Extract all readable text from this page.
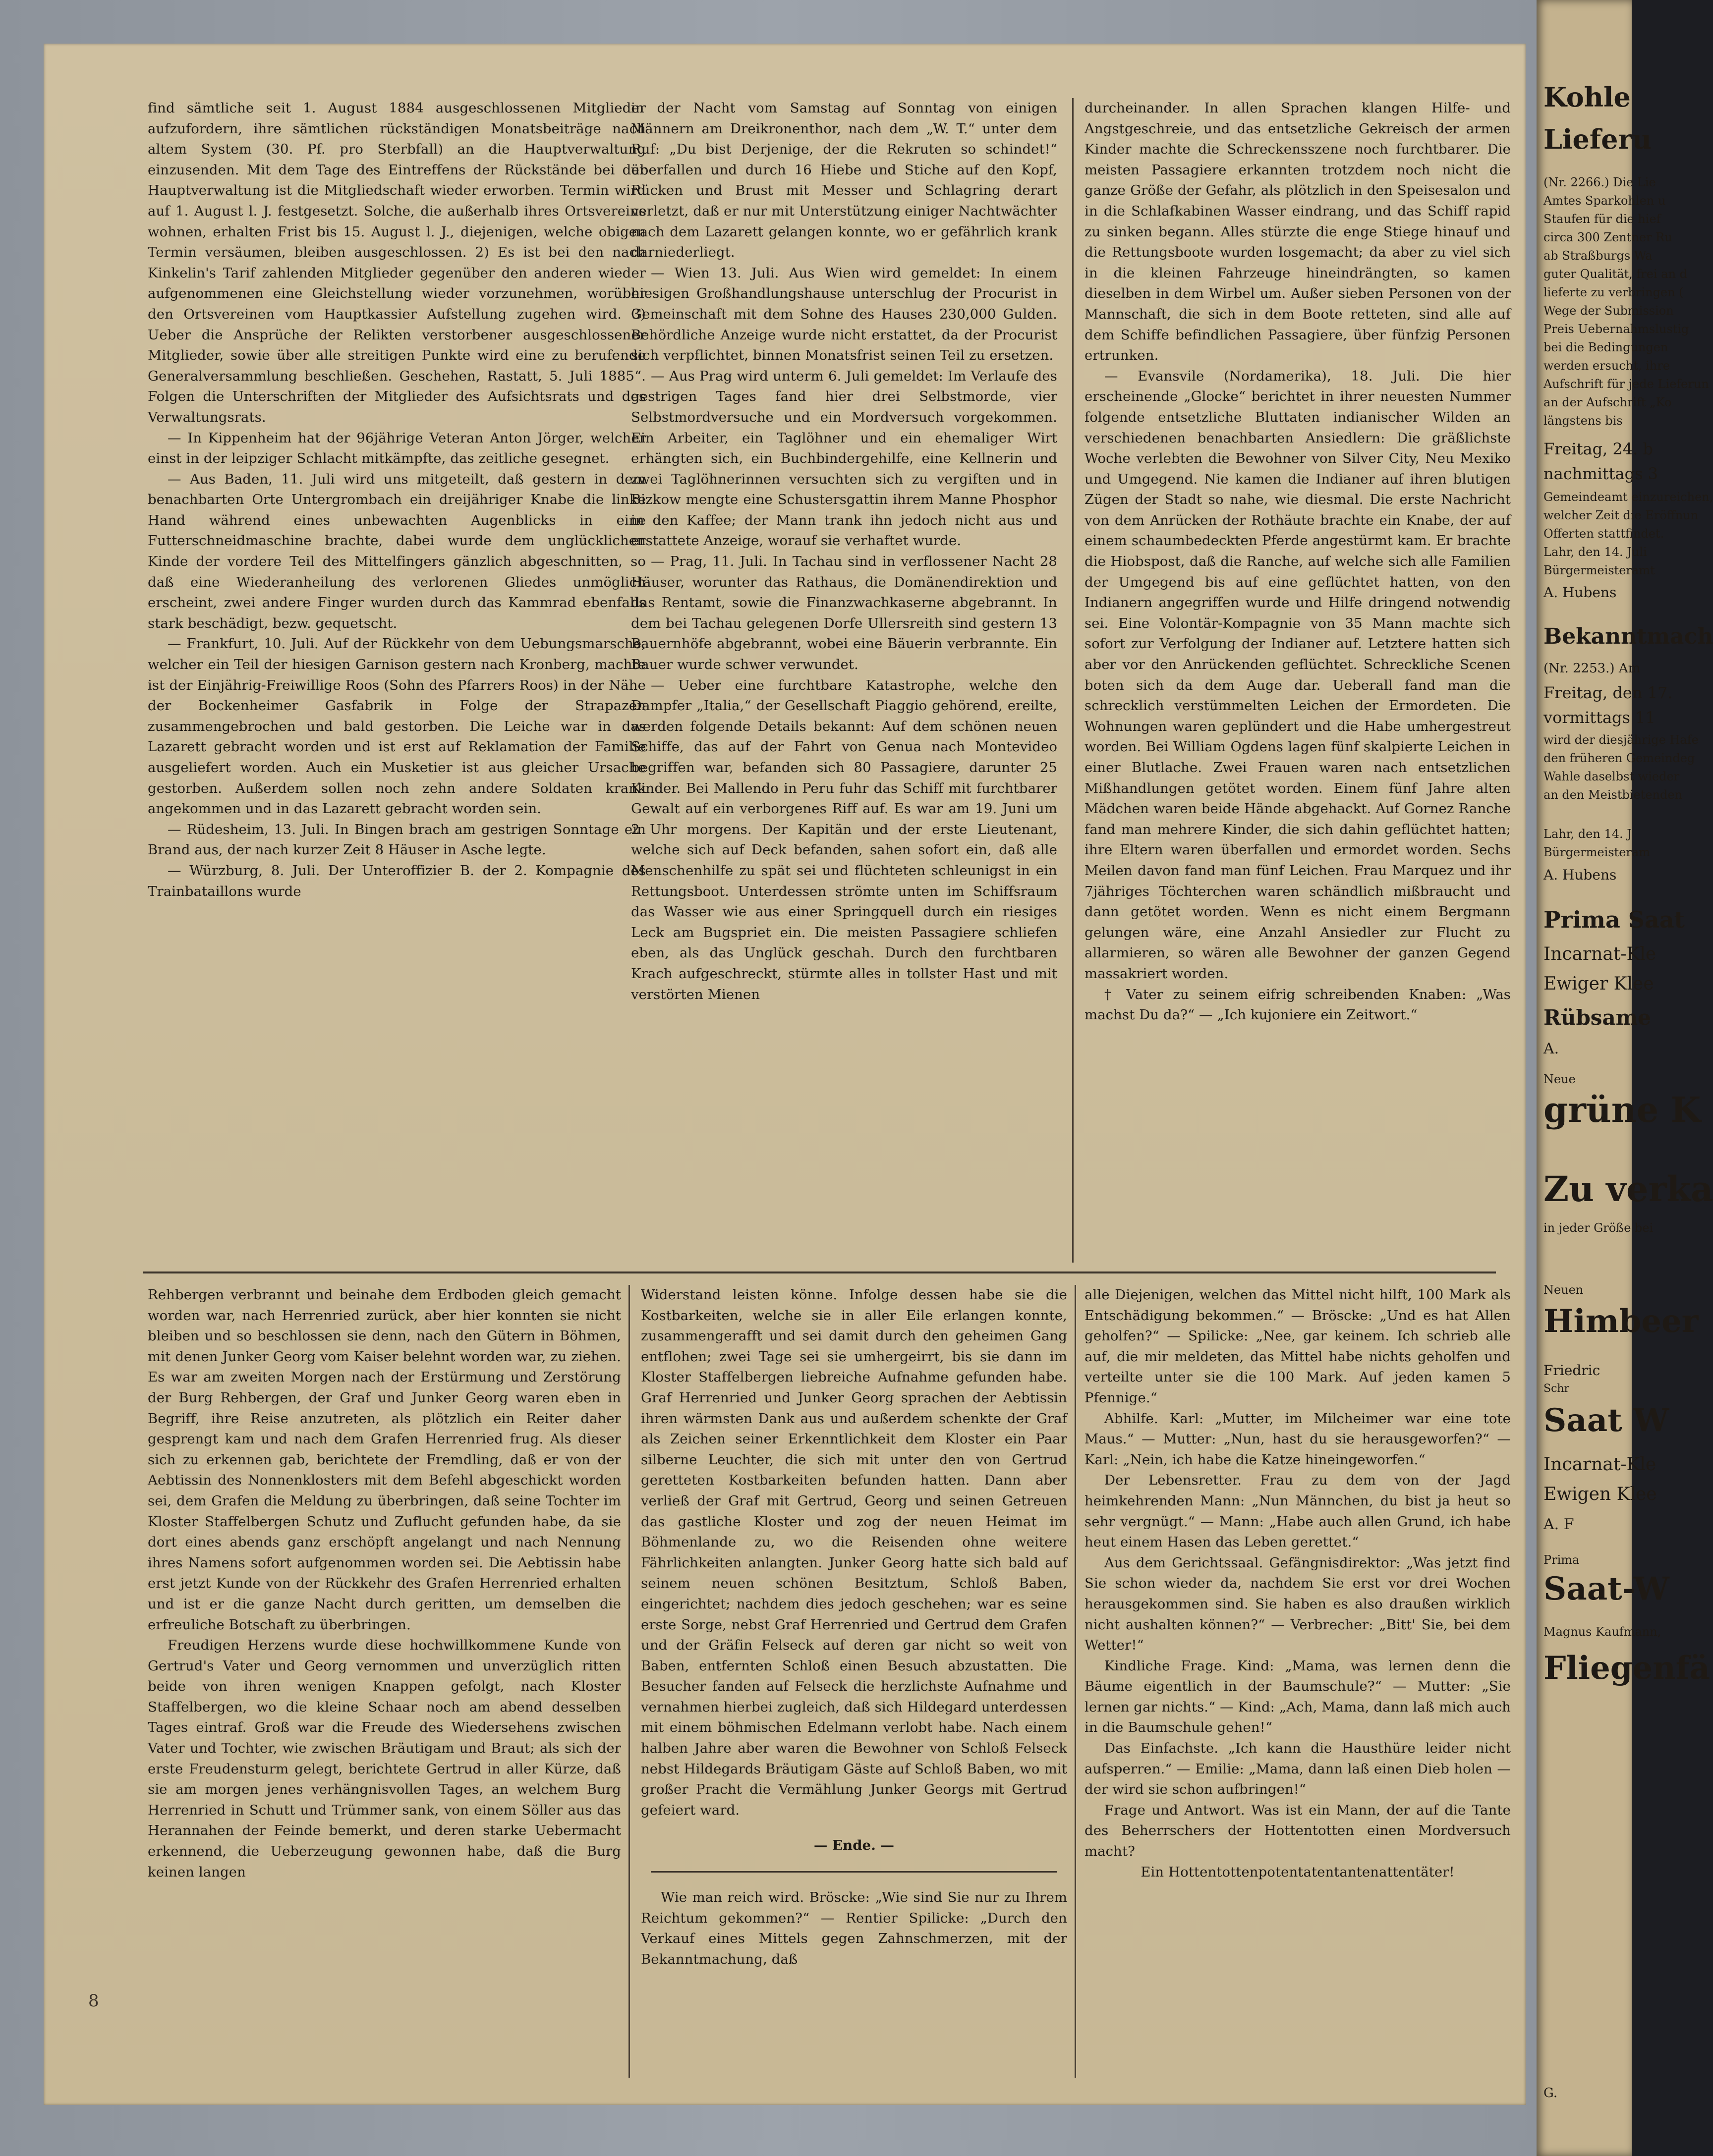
Kohle
Lieferu
(Nr. 2266.) Die Lie
Amtes Sparkohlen u
Staufen für die hief
circa 300 Zentner Ru
ab Straßburgs Wa
guter Qualität, frei an d
lieferte zu verbringen (
Wege der Submission
Preis Uebernahmslustig
bei die Bedingungen
werden ersucht, ihre
Aufschrift für jede Lieferun
an der Aufschrift „Ko
längstens bis
Freitag, 24. b
nachmittags 3
Gemeindeamt einzureichen,
welcher Zeit die Eröffnun
Offerten stattfindet.
Lahr, den 14. Juli
Bürgermeisteramt
A. Hubens
Bekanntmach
(Nr. 2253.) Am
Freitag, den 17.
vormittags 11
wird der diesjährige Hafe
den früheren Gemeindeg
Wahle daselbst wieder
an den Meistbietenden
Lahr, den 14. J
Bürgermeisteram
A. Hubens
Prima Saat
Incarnat-Kle
Ewiger Klee
Rübsame
A.
Neue
grüne K
Zu verka
in jeder Größe bei
Neuen
Himbeer
Friedric
Schr
Saat W
Incarnat-Kle
Ewigen Klee
A. F
Prima
Saat-W
Magnus Kaufmann,
Fliegenfä
G.

find sämtliche seit 1. August 1884 ausgeschlossenen Mitglieder aufzufordern, ihre sämtlichen rückständigen Monatsbeiträge nach altem System (30. Pf. pro Sterbfall) an die Hauptverwaltung einzusenden. Mit dem Tage des Eintreffens der Rückstände bei der Hauptverwaltung ist die Mitgliedschaft wieder erworben. Termin wird auf 1. August l. J. festgesetzt. Solche, die außerhalb ihres Ortsvereins wohnen, erhalten Frist bis 15. August l. J., diejenigen, welche obigen Termin versäumen, bleiben ausgeschlossen. 2) Es ist bei den nach Kinkelin's Tarif zahlenden Mitglieder gegenüber den anderen wieder aufgenommenen eine Gleichstellung wieder vorzunehmen, worüber den Ortsvereinen vom Hauptkassier Aufstellung zugehen wird. 3) Ueber die Ansprüche der Relikten verstorbener ausgeschlossener Mitglieder, sowie über alle streitigen Punkte wird eine zu berufende Generalversammlung beschließen. Geschehen, Rastatt, 5. Juli 1885“. Folgen die Unterschriften der Mitglieder des Aufsichtsrats und des Verwaltungsrats.

— In Kippenheim hat der 96jährige Veteran Anton Jörger, welcher einst in der leipziger Schlacht mitkämpfte, das zeitliche gesegnet.

— Aus Baden, 11. Juli wird uns mitgeteilt, daß gestern in dem benachbarten Orte Untergrombach ein dreijähriger Knabe die linke Hand während eines unbewachten Augenblicks in eine Futterschneidmaschine brachte, dabei wurde dem unglücklichen Kinde der vordere Teil des Mittelfingers gänzlich abgeschnitten, so daß eine Wiederanheilung des verlorenen Gliedes unmöglich erscheint, zwei andere Finger wurden durch das Kammrad ebenfalls stark beschädigt, bezw. gequetscht.

— Frankfurt, 10. Juli. Auf der Rückkehr von dem Uebungsmarsche, welcher ein Teil der hiesigen Garnison gestern nach Kronberg, machte ist der Einjährig-Freiwillige Roos (Sohn des Pfarrers Roos) in der Nähe der Bockenheimer Gasfabrik in Folge der Strapazen zusammengebrochen und bald gestorben. Die Leiche war in das Lazarett gebracht worden und ist erst auf Reklamation der Familie ausgeliefert worden. Auch ein Musketier ist aus gleicher Ursache gestorben. Außerdem sollen noch zehn andere Soldaten krank angekommen und in das Lazarett gebracht worden sein.

— Rüdesheim, 13. Juli. In Bingen brach am gestrigen Sonntage ein Brand aus, der nach kurzer Zeit 8 Häuser in Asche legte.

— Würzburg, 8. Juli. Der Unteroffizier B. der 2. Kompagnie des Trainbataillons wurde

in der Nacht vom Samstag auf Sonntag von einigen Männern am Dreikronenthor, nach dem „W. T.“ unter dem Ruf: „Du bist Derjenige, der die Rekruten so schindet!“ überfallen und durch 16 Hiebe und Stiche auf den Kopf, Rücken und Brust mit Messer und Schlagring derart verletzt, daß er nur mit Unterstützung einiger Nachtwächter nach dem Lazarett gelangen konnte, wo er gefährlich krank darniederliegt.

— Wien 13. Juli. Aus Wien wird gemeldet: In einem hiesigen Großhandlungshause unterschlug der Procurist in Gemeinschaft mit dem Sohne des Hauses 230,000 Gulden. Behördliche Anzeige wurde nicht erstattet, da der Procurist sich verpflichtet, binnen Monatsfrist seinen Teil zu ersetzen.

— Aus Prag wird unterm 6. Juli gemeldet: Im Verlaufe des gestrigen Tages fand hier drei Selbstmorde, vier Selbstmordversuche und ein Mordversuch vorgekommen. Ein Arbeiter, ein Taglöhner und ein ehemaliger Wirt erhängten sich, ein Buchbindergehilfe, eine Kellnerin und zwei Taglöhnerinnen versuchten sich zu vergiften und in Bizkow mengte eine Schustersgattin ihrem Manne Phosphor in den Kaffee; der Mann trank ihn jedoch nicht aus und erstattete Anzeige, worauf sie verhaftet wurde.

— Prag, 11. Juli. In Tachau sind in verflossener Nacht 28 Häuser, worunter das Rathaus, die Domänendirektion und das Rentamt, sowie die Finanzwachkaserne abgebrannt. In dem bei Tachau gelegenen Dorfe Ullersreith sind gestern 13 Bauernhöfe abgebrannt, wobei eine Bäuerin verbrannte. Ein Bauer wurde schwer verwundet.

— Ueber eine furchtbare Katastrophe, welche den Dampfer „Italia,“ der Gesellschaft Piaggio gehörend, ereilte, werden folgende Details bekannt: Auf dem schönen neuen Schiffe, das auf der Fahrt von Genua nach Montevideo begriffen war, befanden sich 80 Passagiere, darunter 25 Kinder. Bei Mallendo in Peru fuhr das Schiff mit furchtbarer Gewalt auf ein verborgenes Riff auf. Es war am 19. Juni um 2 Uhr morgens. Der Kapitän und der erste Lieutenant, welche sich auf Deck befanden, sahen sofort ein, daß alle Menschenhilfe zu spät sei und flüchteten schleunigst in ein Rettungsboot. Unterdessen strömte unten im Schiffsraum das Wasser wie aus einer Springquell durch ein riesiges Leck am Bugspriet ein. Die meisten Passagiere schliefen eben, als das Unglück geschah. Durch den furchtbaren Krach aufgeschreckt, stürmte alles in tollster Hast und mit verstörten Mienen

durcheinander. In allen Sprachen klangen Hilfe- und Angstgeschreie, und das entsetzliche Gekreisch der armen Kinder machte die Schreckensszene noch furchtbarer. Die meisten Passagiere erkannten trotzdem noch nicht die ganze Größe der Gefahr, als plötzlich in den Speisesalon und in die Schlafkabinen Wasser eindrang, und das Schiff rapid zu sinken begann. Alles stürzte die enge Stiege hinauf und die Rettungsboote wurden losgemacht; da aber zu viel sich in die kleinen Fahrzeuge hineindrängten, so kamen dieselben in dem Wirbel um. Außer sieben Personen von der Mannschaft, die sich in dem Boote retteten, sind alle auf dem Schiffe befindlichen Passagiere, über fünfzig Personen ertrunken.

— Evansvile (Nordamerika), 18. Juli. Die hier erscheinende „Glocke“ berichtet in ihrer neuesten Nummer folgende entsetzliche Bluttaten indianischer Wilden an verschiedenen benachbarten Ansiedlern: Die gräßlichste Woche verlebten die Bewohner von Silver City, Neu Mexiko und Umgegend. Nie kamen die Indianer auf ihren blutigen Zügen der Stadt so nahe, wie diesmal. Die erste Nachricht von dem Anrücken der Rothäute brachte ein Knabe, der auf einem schaumbedeckten Pferde angestürmt kam. Er brachte die Hiobspost, daß die Ranche, auf welche sich alle Familien der Umgegend bis auf eine geflüchtet hatten, von den Indianern angegriffen wurde und Hilfe dringend notwendig sei. Eine Volontär-Kompagnie von 35 Mann machte sich sofort zur Verfolgung der Indianer auf. Letztere hatten sich aber vor den Anrückenden geflüchtet. Schreckliche Scenen boten sich da dem Auge dar. Ueberall fand man die schrecklich verstümmelten Leichen der Ermordeten. Die Wohnungen waren geplündert und die Habe umhergestreut worden. Bei William Ogdens lagen fünf skalpierte Leichen in einer Blutlache. Zwei Frauen waren nach entsetzlichen Mißhandlungen getötet worden. Einem fünf Jahre alten Mädchen waren beide Hände abgehackt. Auf Gornez Ranche fand man mehrere Kinder, die sich dahin geflüchtet hatten; ihre Eltern waren überfallen und ermordet worden. Sechs Meilen davon fand man fünf Leichen. Frau Marquez und ihr 7jähriges Töchterchen waren schändlich mißbraucht und dann getötet worden. Wenn es nicht einem Bergmann gelungen wäre, eine Anzahl Ansiedler zur Flucht zu allarmieren, so wären alle Bewohner der ganzen Gegend massakriert worden.

† Vater zu seinem eifrig schreibenden Knaben: „Was machst Du da?“ — „Ich kujoniere ein Zeitwort.“

Rehbergen verbrannt und beinahe dem Erdboden gleich gemacht worden war, nach Herrenried zurück, aber hier konnten sie nicht bleiben und so beschlossen sie denn, nach den Gütern in Böhmen, mit denen Junker Georg vom Kaiser belehnt worden war, zu ziehen. Es war am zweiten Morgen nach der Erstürmung und Zerstörung der Burg Rehbergen, der Graf und Junker Georg waren eben in Begriff, ihre Reise anzutreten, als plötzlich ein Reiter daher gesprengt kam und nach dem Grafen Herrenried frug. Als dieser sich zu erkennen gab, berichtete der Fremdling, daß er von der Aebtissin des Nonnenklosters mit dem Befehl abgeschickt worden sei, dem Grafen die Meldung zu überbringen, daß seine Tochter im Kloster Staffelbergen Schutz und Zuflucht gefunden habe, da sie dort eines abends ganz erschöpft angelangt und nach Nennung ihres Namens sofort aufgenommen worden sei. Die Aebtissin habe erst jetzt Kunde von der Rückkehr des Grafen Herrenried erhalten und ist er die ganze Nacht durch geritten, um demselben die erfreuliche Botschaft zu überbringen.

Freudigen Herzens wurde diese hochwillkommene Kunde von Gertrud's Vater und Georg vernommen und unverzüglich ritten beide von ihren wenigen Knappen gefolgt, nach Kloster Staffelbergen, wo die kleine Schaar noch am abend desselben Tages eintraf. Groß war die Freude des Wiedersehens zwischen Vater und Tochter, wie zwischen Bräutigam und Braut; als sich der erste Freudensturm gelegt, berichtete Gertrud in aller Kürze, daß sie am morgen jenes verhängnisvollen Tages, an welchem Burg Herrenried in Schutt und Trümmer sank, von einem Söller aus das Herannahen der Feinde bemerkt, und deren starke Uebermacht erkennend, die Ueberzeugung gewonnen habe, daß die Burg keinen langen

Widerstand leisten könne. Infolge dessen habe sie die Kostbarkeiten, welche sie in aller Eile erlangen konnte, zusammengerafft und sei damit durch den geheimen Gang entflohen; zwei Tage sei sie umhergeirrt, bis sie dann im Kloster Staffelbergen liebreiche Aufnahme gefunden habe. Graf Herrenried und Junker Georg sprachen der Aebtissin ihren wärmsten Dank aus und außerdem schenkte der Graf als Zeichen seiner Erkenntlichkeit dem Kloster ein Paar silberne Leuchter, die sich mit unter den von Gertrud geretteten Kostbarkeiten befunden hatten. Dann aber verließ der Graf mit Gertrud, Georg und seinen Getreuen das gastliche Kloster und zog der neuen Heimat im Böhmenlande zu, wo die Reisenden ohne weitere Fährlichkeiten anlangten. Junker Georg hatte sich bald auf seinem neuen schönen Besitztum, Schloß Baben, eingerichtet; nachdem dies jedoch geschehen; war es seine erste Sorge, nebst Graf Herrenried und Gertrud dem Grafen und der Gräfin Felseck auf deren gar nicht so weit von Baben, entfernten Schloß einen Besuch abzustatten. Die Besucher fanden auf Felseck die herzlichste Aufnahme und vernahmen hierbei zugleich, daß sich Hildegard unterdessen mit einem böhmischen Edelmann verlobt habe. Nach einem halben Jahre aber waren die Bewohner von Schloß Felseck nebst Hildegards Bräutigam Gäste auf Schloß Baben, wo mit großer Pracht die Vermählung Junker Georgs mit Gertrud gefeiert ward.

— Ende. —

Wie man reich wird. Bröscke: „Wie sind Sie nur zu Ihrem Reichtum gekommen?“ — Rentier Spilicke: „Durch den Verkauf eines Mittels gegen Zahnschmerzen, mit der Bekanntmachung, daß

alle Diejenigen, welchen das Mittel nicht hilft, 100 Mark als Entschädigung bekommen.“ — Bröscke: „Und es hat Allen geholfen?“ — Spilicke: „Nee, gar keinem. Ich schrieb alle auf, die mir meldeten, das Mittel habe nichts geholfen und verteilte unter sie die 100 Mark. Auf jeden kamen 5 Pfennige.“

Abhilfe. Karl: „Mutter, im Milcheimer war eine tote Maus.“ — Mutter: „Nun, hast du sie herausgeworfen?“ — Karl: „Nein, ich habe die Katze hineingeworfen.“

Der Lebensretter. Frau zu dem von der Jagd heimkehrenden Mann: „Nun Männchen, du bist ja heut so sehr vergnügt.“ — Mann: „Habe auch allen Grund, ich habe heut einem Hasen das Leben gerettet.“

Aus dem Gerichtssaal. Gefängnisdirektor: „Was jetzt find Sie schon wieder da, nachdem Sie erst vor drei Wochen herausgekommen sind. Sie haben es also draußen wirklich nicht aushalten können?“ — Verbrecher: „Bitt' Sie, bei dem Wetter!“

Kindliche Frage. Kind: „Mama, was lernen denn die Bäume eigentlich in der Baumschule?“ — Mutter: „Sie lernen gar nichts.“ — Kind: „Ach, Mama, dann laß mich auch in die Baumschule gehen!“

Das Einfachste. „Ich kann die Hausthüre leider nicht aufsperren.“ — Emilie: „Mama, dann laß einen Dieb holen — der wird sie schon aufbringen!“

Frage und Antwort. Was ist ein Mann, der auf die Tante des Beherrschers der Hottentotten einen Mordversuch macht?

Ein Hottentottenpotentatentantenattentäter!

8
